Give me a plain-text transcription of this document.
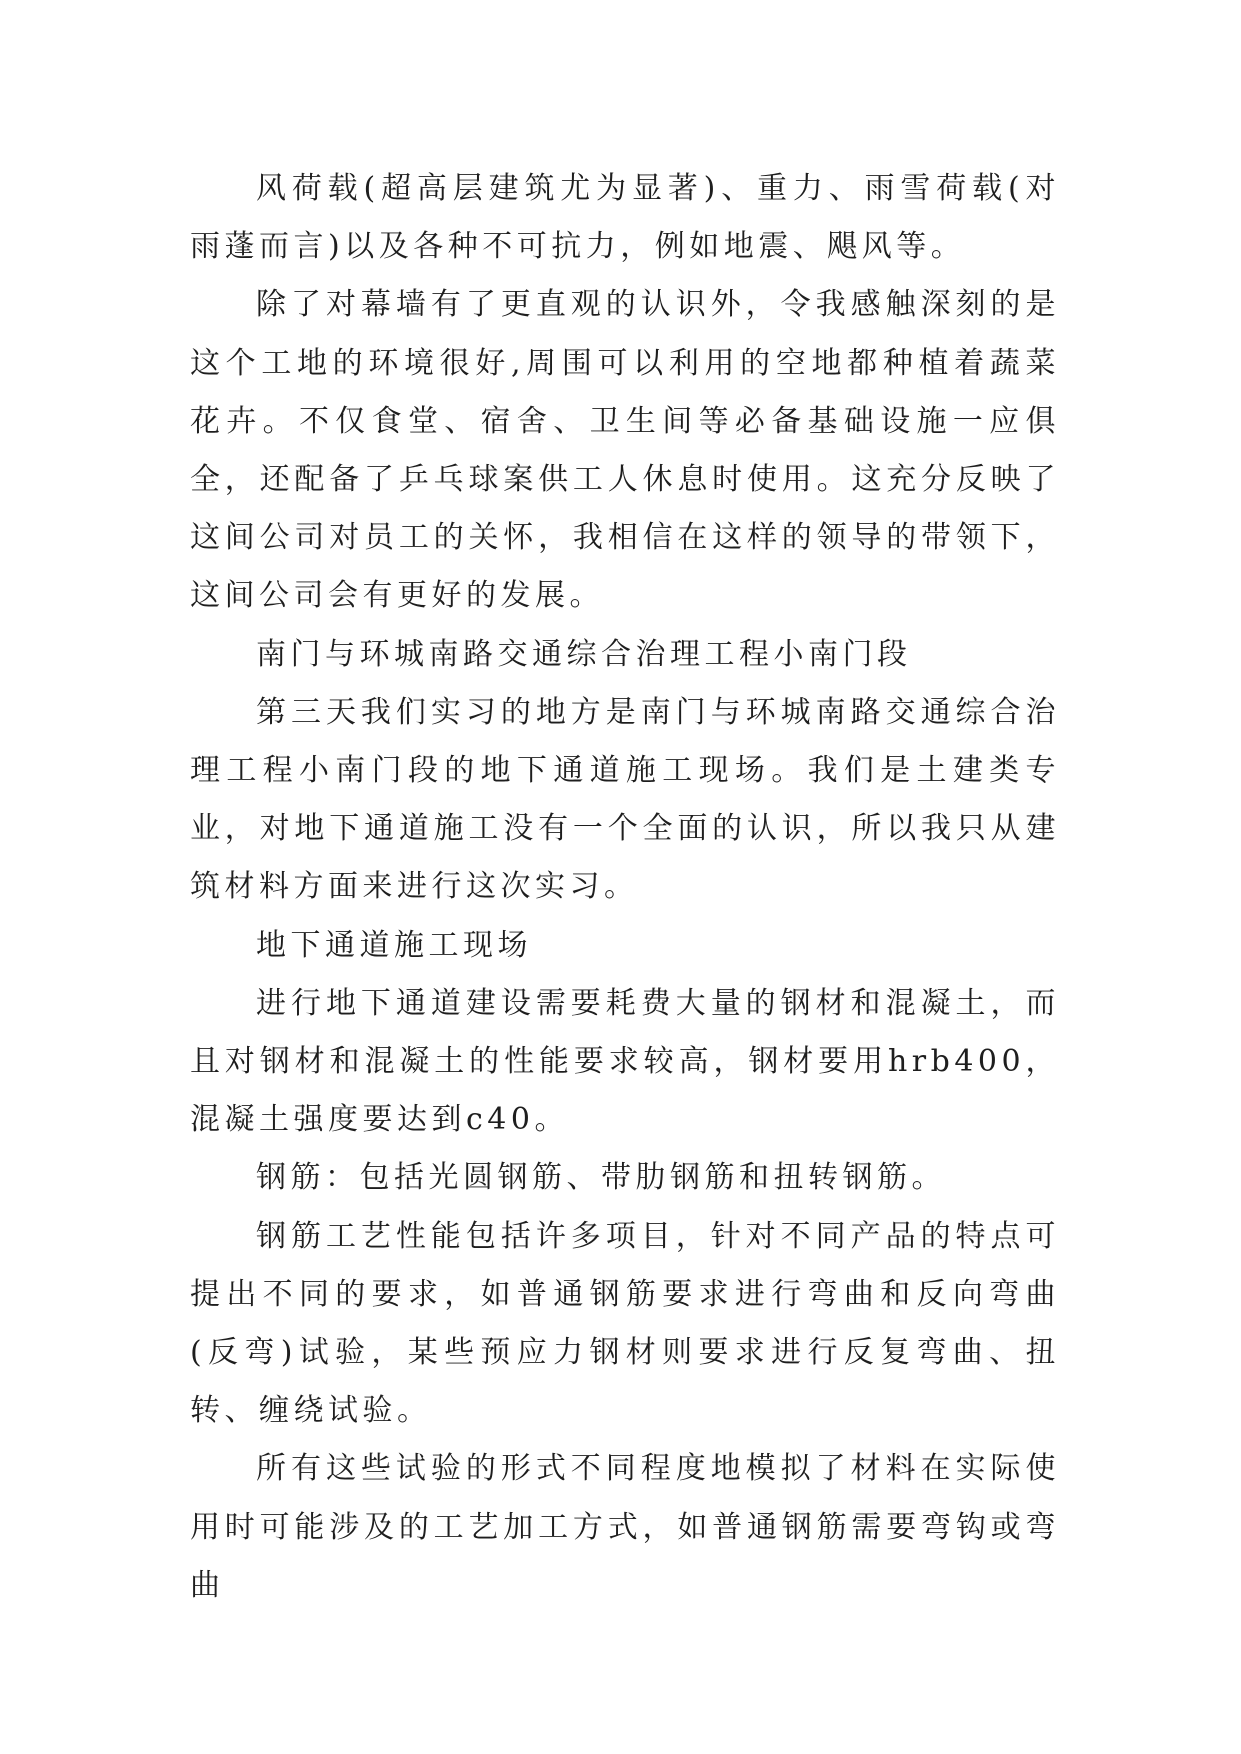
风荷载(超高层建筑尤为显著)、重力、雨雪荷载(对雨蓬而言)以及各种不可抗力，例如地震、飓风等。

除了对幕墙有了更直观的认识外，令我感触深刻的是这个工地的环境很好,周围可以利用的空地都种植着蔬菜花卉。不仅食堂、宿舍、卫生间等必备基础设施一应俱全，还配备了乒乓球案供工人休息时使用。这充分反映了这间公司对员工的关怀，我相信在这样的领导的带领下，这间公司会有更好的发展。

南门与环城南路交通综合治理工程小南门段

第三天我们实习的地方是南门与环城南路交通综合治理工程小南门段的地下通道施工现场。我们是土建类专业，对地下通道施工没有一个全面的认识，所以我只从建筑材料方面来进行这次实习。

地下通道施工现场

进行地下通道建设需要耗费大量的钢材和混凝土，而且对钢材和混凝土的性能要求较高，钢材要用hrb400，混凝土强度要达到c40。

钢筋：包括光圆钢筋、带肋钢筋和扭转钢筋。

钢筋工艺性能包括许多项目，针对不同产品的特点可提出不同的要求，如普通钢筋要求进行弯曲和反向弯曲(反弯)试验，某些预应力钢材则要求进行反复弯曲、扭转、缠绕试验。

所有这些试验的形式不同程度地模拟了材料在实际使用时可能涉及的工艺加工方式，如普通钢筋需要弯钩或弯曲
